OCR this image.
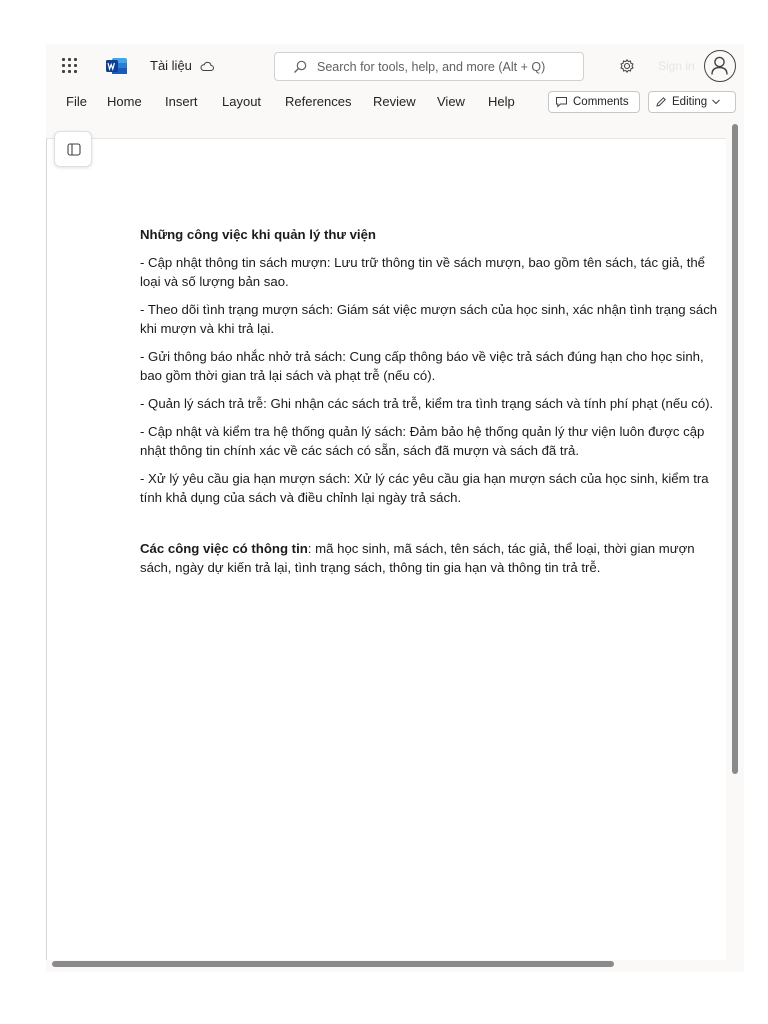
Tài liệu
Search for tools, help, and more (Alt + Q)	Sign in
File Home Insert Layout References Review View Help	Comments	Editing

Những công việc khi quản lý thư viện

- Cập nhật thông tin sách mượn: Lưu trữ thông tin về sách mượn, bao gồm tên sách, tác giả, thể loại và số lượng bản sao.

- Theo dõi tình trạng mượn sách: Giám sát việc mượn sách của học sinh, xác nhận tình trạng sách khi mượn và khi trả lại.

- Gửi thông báo nhắc nhở trả sách: Cung cấp thông báo về việc trả sách đúng hạn cho học sinh, bao gồm thời gian trả lại sách và phạt trễ (nếu có).

- Quản lý sách trả trễ: Ghi nhận các sách trả trễ, kiểm tra tình trạng sách và tính phí phạt (nếu có).

- Cập nhật và kiểm tra hệ thống quản lý sách: Đảm bảo hệ thống quản lý thư viện luôn được cập nhật thông tin chính xác về các sách có sẵn, sách đã mượn và sách đã trả.

- Xử lý yêu cầu gia hạn mượn sách: Xử lý các yêu cầu gia hạn mượn sách của học sinh, kiểm tra tính khả dụng của sách và điều chỉnh lại ngày trả sách.

Các công việc có thông tin: mã học sinh, mã sách, tên sách, tác giả, thể loại, thời gian mượn sách, ngày dự kiến trả lại, tình trạng sách, thông tin gia hạn và thông tin trả trễ.
